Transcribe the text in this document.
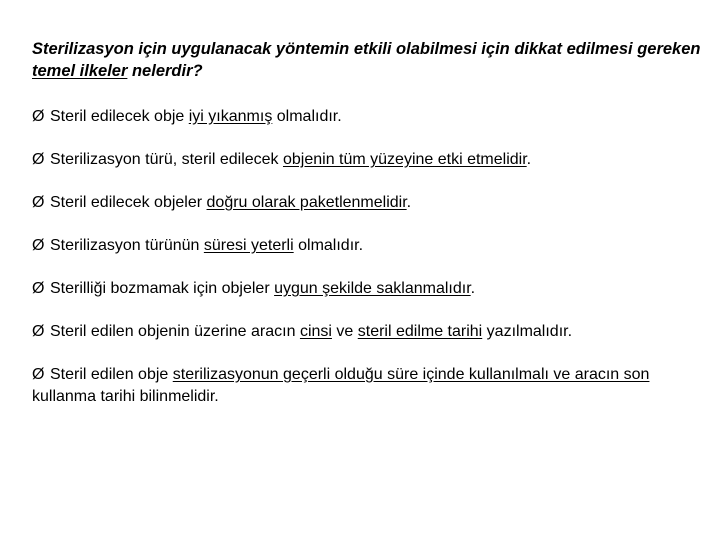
Sterilizasyon için uygulanacak yöntemin etkili olabilmesi için dikkat edilmesi gereken temel ilkeler nelerdir?
Ø Steril edilecek obje iyi yıkanmış olmalıdır.
Ø Sterilizasyon türü, steril edilecek objenin tüm yüzeyine etki etmelidir.
Ø Steril edilecek objeler doğru olarak paketlenmelidir.
Ø Sterilizasyon türünün süresi yeterli olmalıdır.
Ø Sterilliği bozmamak için objeler uygun şekilde saklanmalıdır.
Ø Steril edilen objenin üzerine aracın cinsi ve steril edilme tarihi yazılmalıdır.
Ø Steril edilen obje sterilizasyonun geçerli olduğu süre içinde kullanılmalı ve aracın son kullanma tarihi bilinmelidir.
